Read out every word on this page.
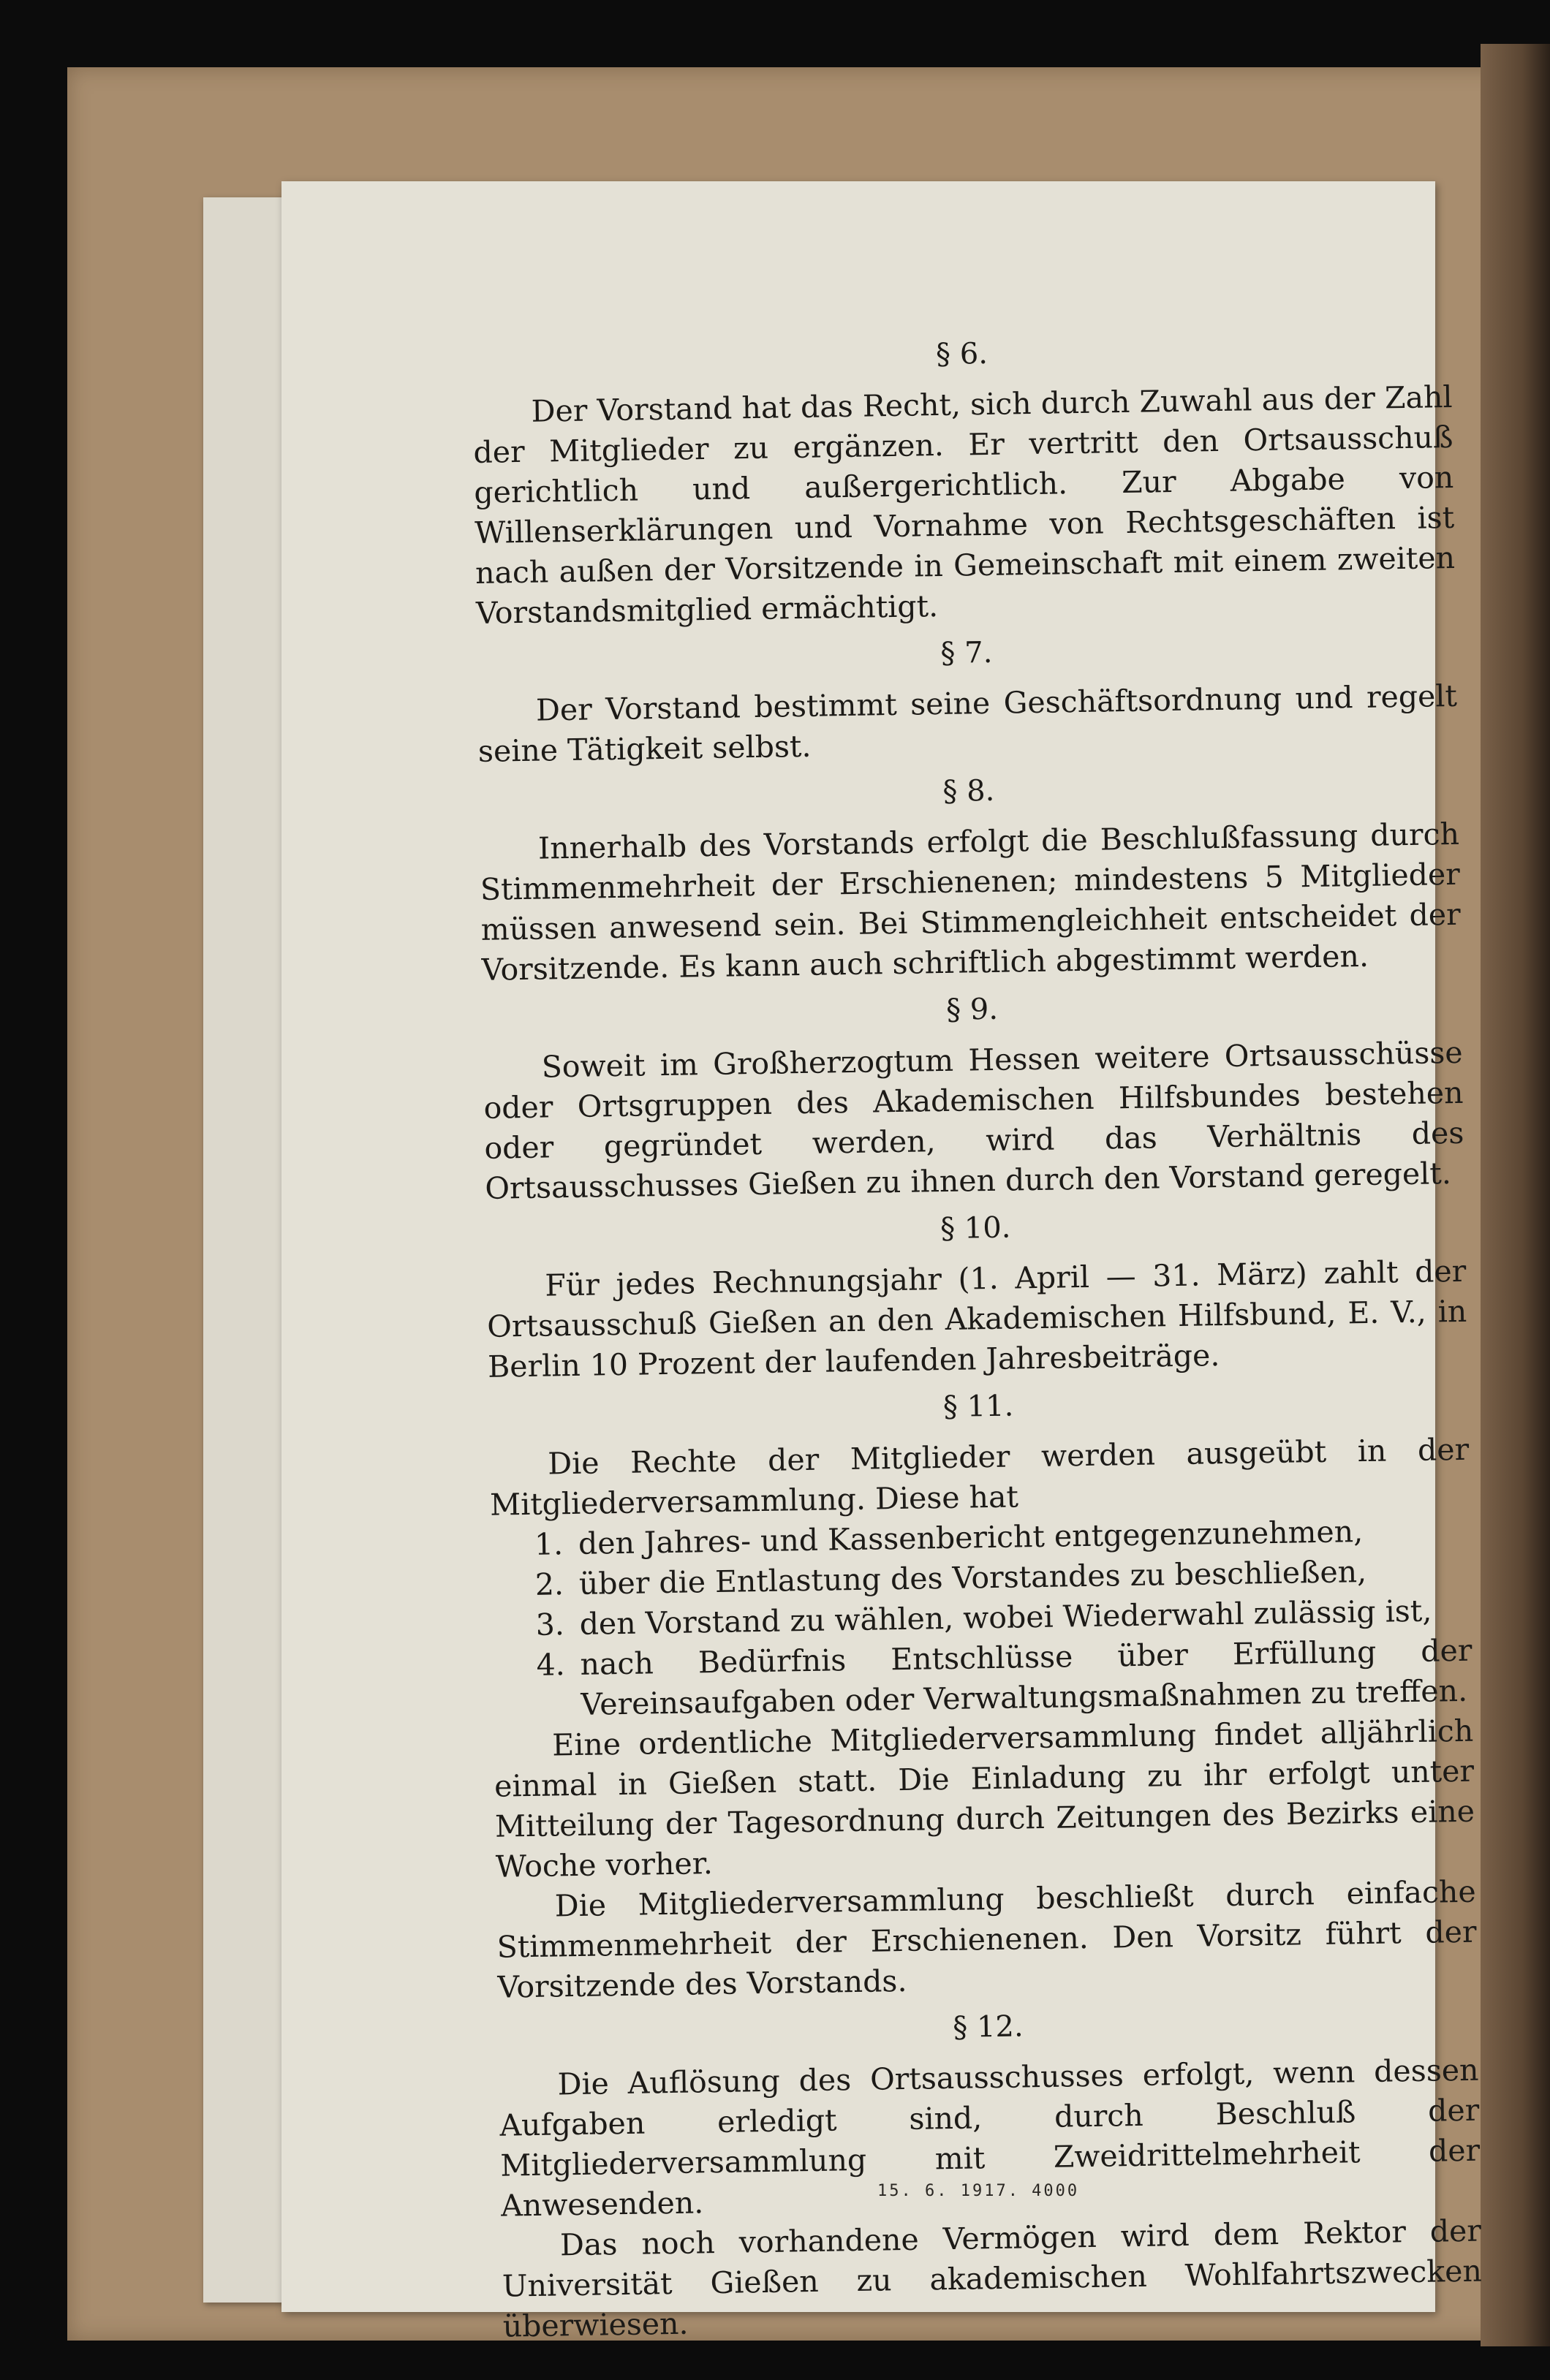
§ 6.

Der Vorstand hat das Recht, sich durch Zuwahl aus der Zahl der Mitglieder zu ergänzen. Er vertritt den Ortsausschuß gerichtlich und außergerichtlich. Zur Abgabe von Willenserklärungen und Vornahme von Rechtsgeschäften ist nach außen der Vorsitzende in Gemeinschaft mit einem zweiten Vorstandsmitglied ermächtigt.

§ 7.

Der Vorstand bestimmt seine Geschäftsordnung und regelt seine Tätigkeit selbst.

§ 8.

Innerhalb des Vorstands erfolgt die Beschlußfassung durch Stimmenmehrheit der Erschienenen; mindestens 5 Mitglieder müssen anwesend sein. Bei Stimmengleichheit entscheidet der Vorsitzende. Es kann auch schriftlich abgestimmt werden.

§ 9.

Soweit im Großherzogtum Hessen weitere Ortsausschüsse oder Ortsgruppen des Akademischen Hilfsbundes bestehen oder gegründet werden, wird das Verhältnis des Ortsausschusses Gießen zu ihnen durch den Vorstand geregelt.

§ 10.

Für jedes Rechnungsjahr (1. April — 31. März) zahlt der Ortsausschuß Gießen an den Akademischen Hilfsbund, E. V., in Berlin 10 Prozent der laufenden Jahresbeiträge.

§ 11.

Die Rechte der Mitglieder werden ausgeübt in der Mitgliederversammlung. Diese hat

1. den Jahres- und Kassenbericht entgegenzunehmen,
2. über die Entlastung des Vorstandes zu beschließen,
3. den Vorstand zu wählen, wobei Wiederwahl zulässig ist,
4. nach Bedürfnis Entschlüsse über Erfüllung der Vereinsaufgaben oder Verwaltungsmaßnahmen zu treffen.

Eine ordentliche Mitgliederversammlung findet alljährlich einmal in Gießen statt. Die Einladung zu ihr erfolgt unter Mitteilung der Tagesordnung durch Zeitungen des Bezirks eine Woche vorher.

Die Mitgliederversammlung beschließt durch einfache Stimmenmehrheit der Erschienenen. Den Vorsitz führt der Vorsitzende des Vorstands.

§ 12.

Die Auflösung des Ortsausschusses erfolgt, wenn dessen Aufgaben erledigt sind, durch Beschluß der Mitgliederversammlung mit Zweidrittelmehrheit der Anwesenden.

Das noch vorhandene Vermögen wird dem Rektor der Universität Gießen zu akademischen Wohlfahrtszwecken überwiesen.

15. 6. 1917. 4000
